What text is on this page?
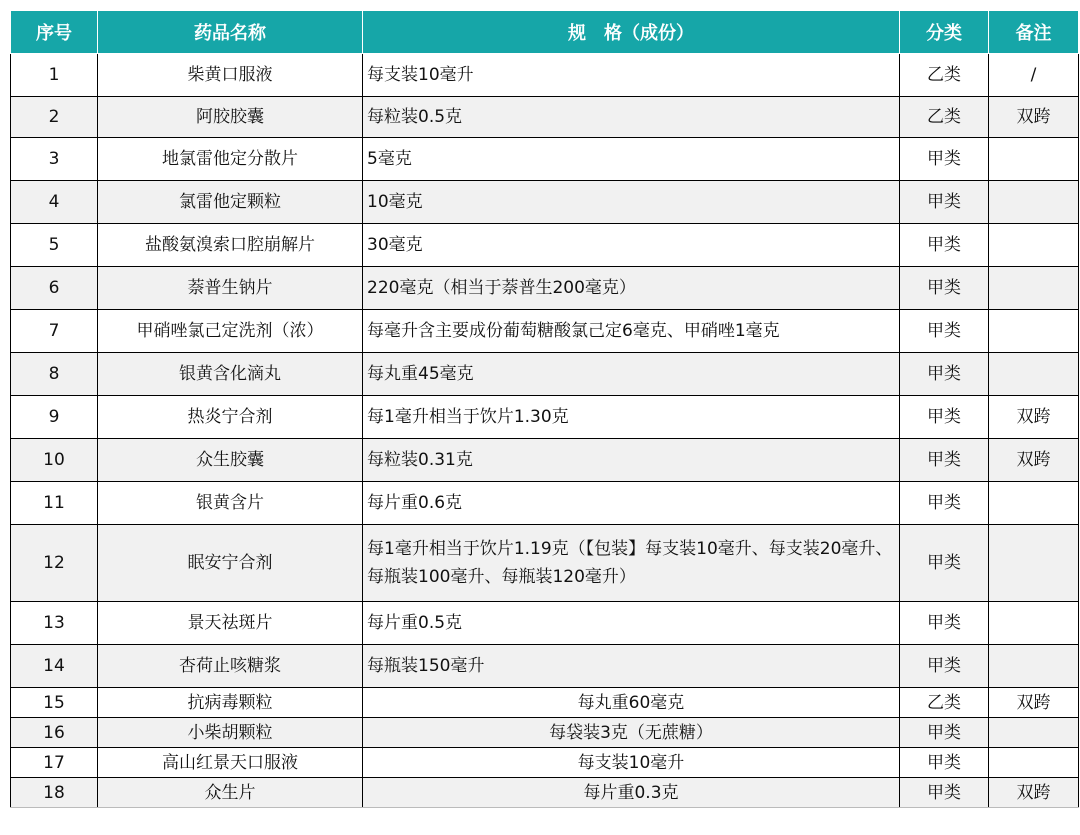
序号	药品名称	规　格（成份）	分类	备注
1	柴黄口服液	每支装10毫升	乙类	/
2	阿胶胶囊	每粒装0.5克	乙类	双跨
3	地氯雷他定分散片	5毫克	甲类	
4	氯雷他定颗粒	10毫克	甲类	
5	盐酸氨溴索口腔崩解片	30毫克	甲类	
6	萘普生钠片	220毫克（相当于萘普生200毫克）	甲类	
7	甲硝唑氯己定洗剂（浓）	每毫升含主要成份葡萄糖酸氯己定6毫克、甲硝唑1毫克	甲类	
8	银黄含化滴丸	每丸重45毫克	甲类	
9	热炎宁合剂	每1毫升相当于饮片1.30克	甲类	双跨
10	众生胶囊	每粒装0.31克	甲类	双跨
11	银黄含片	每片重0.6克	甲类	
12	眠安宁合剂	每1毫升相当于饮片1.19克（【包装】每支装10毫升、每支装20毫升、每瓶装100毫升、每瓶装120毫升）	甲类	
13	景天祛斑片	每片重0.5克	甲类	
14	杏荷止咳糖浆	每瓶装150毫升	甲类	
15	抗病毒颗粒	每丸重60毫克	乙类	双跨
16	小柴胡颗粒	每袋装3克（无蔗糖）	甲类	
17	高山红景天口服液	每支装10毫升	甲类	
18	众生片	每片重0.3克	甲类	双跨
